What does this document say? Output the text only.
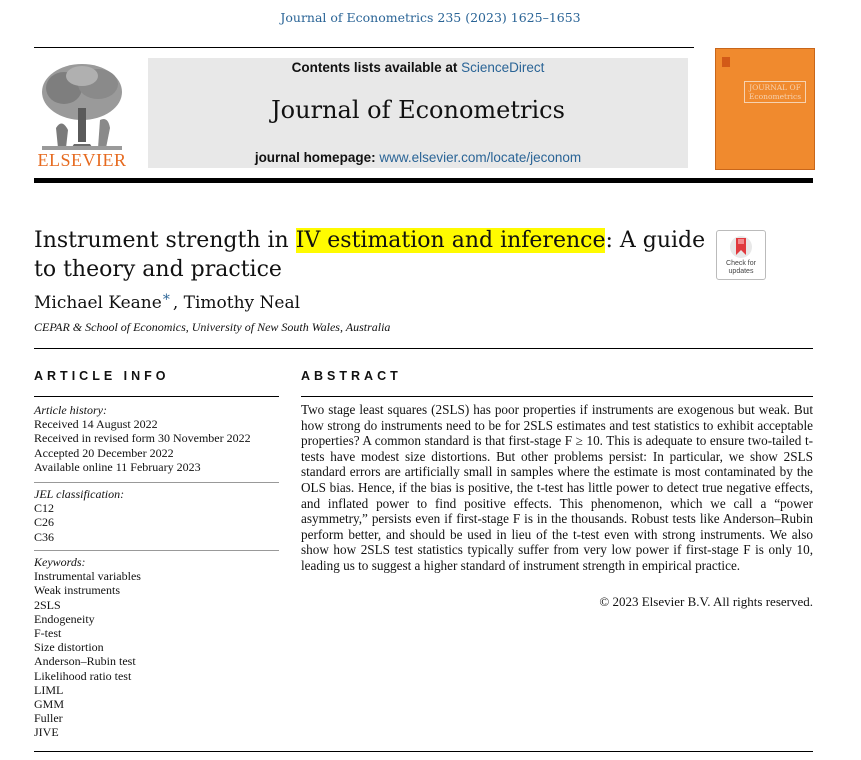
Journal of Econometrics 235 (2023) 1625–1653
ELSEVIER
Contents lists available at ScienceDirect
Journal of Econometrics
journal homepage: www.elsevier.com/locate/jeconom
JOURNAL OF Econometrics
Instrument strength in IV estimation and inference: A guide to theory and practice	Check for
updates
Michael Keane* , Timothy Neal
CEPAR & School of Economics, University of New South Wales, Australia
ARTICLE INFO	ABSTRACT
Article history:
Received 14 August 2022
Received in revised form 30 November 2022
Accepted 20 December 2022
Available online 11 February 2023
JEL classification:
C12
C26
C36
Keywords:
Instrumental variables
Weak instruments
2SLS
Endogeneity
F-test
Size distortion
Anderson–Rubin test
Likelihood ratio test
LIML
GMM
Fuller
JIVE
Two stage least squares (2SLS) has poor properties if instruments are exogenous but weak. But how strong do instruments need to be for 2SLS estimates and test statistics to exhibit acceptable properties? A common standard is that first-stage F ≥ 10. This is adequate to ensure two-tailed t-tests have modest size distortions. But other problems persist: In particular, we show 2SLS standard errors are artificially small in samples where the estimate is most contaminated by the OLS bias. Hence, if the bias is positive, the t-test has little power to detect true negative effects, and inflated power to find positive effects. This phenomenon, which we call a “power asymmetry,” persists even if first-stage F is in the thousands. Robust tests like Anderson–Rubin perform better, and should be used in lieu of the t-test even with strong instruments. We also show how 2SLS test statistics typically suffer from very low power if first-stage F is only 10, leading us to suggest a higher standard of instrument strength in empirical practice.
© 2023 Elsevier B.V. All rights reserved.
